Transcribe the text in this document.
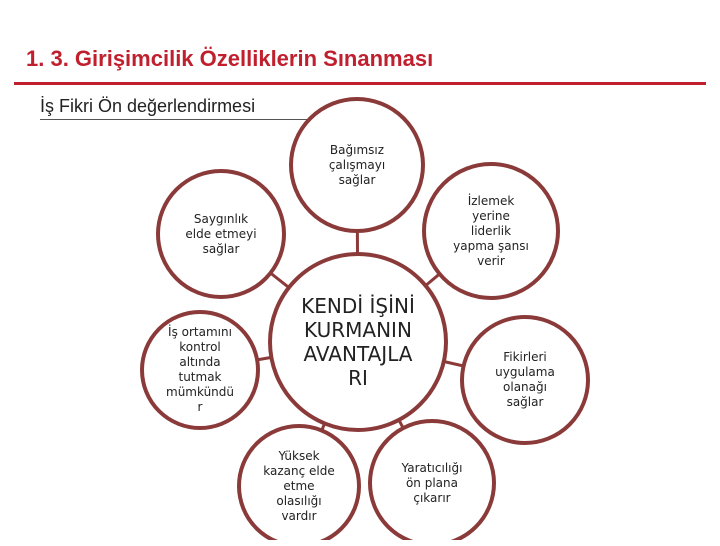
1. 3. Girişimcilik Özelliklerin Sınanması
İş Fikri Ön değerlendirmesi
Bağımsız
çalışmayı
sağlar
İzlemek
yerine
liderlik
yapma şansı
verir
Fikirleri
uygulama
olanağı
sağlar
Yaratıcılığı
ön plana
çıkarır
Yüksek
kazanç elde
etme
olasılığı
vardır
İş ortamını
kontrol
altında
tutmak
mümkündü
r
Saygınlık
elde etmeyi
sağlar
KENDİ İŞİNİ
KURMANIN
AVANTAJLA
RI
